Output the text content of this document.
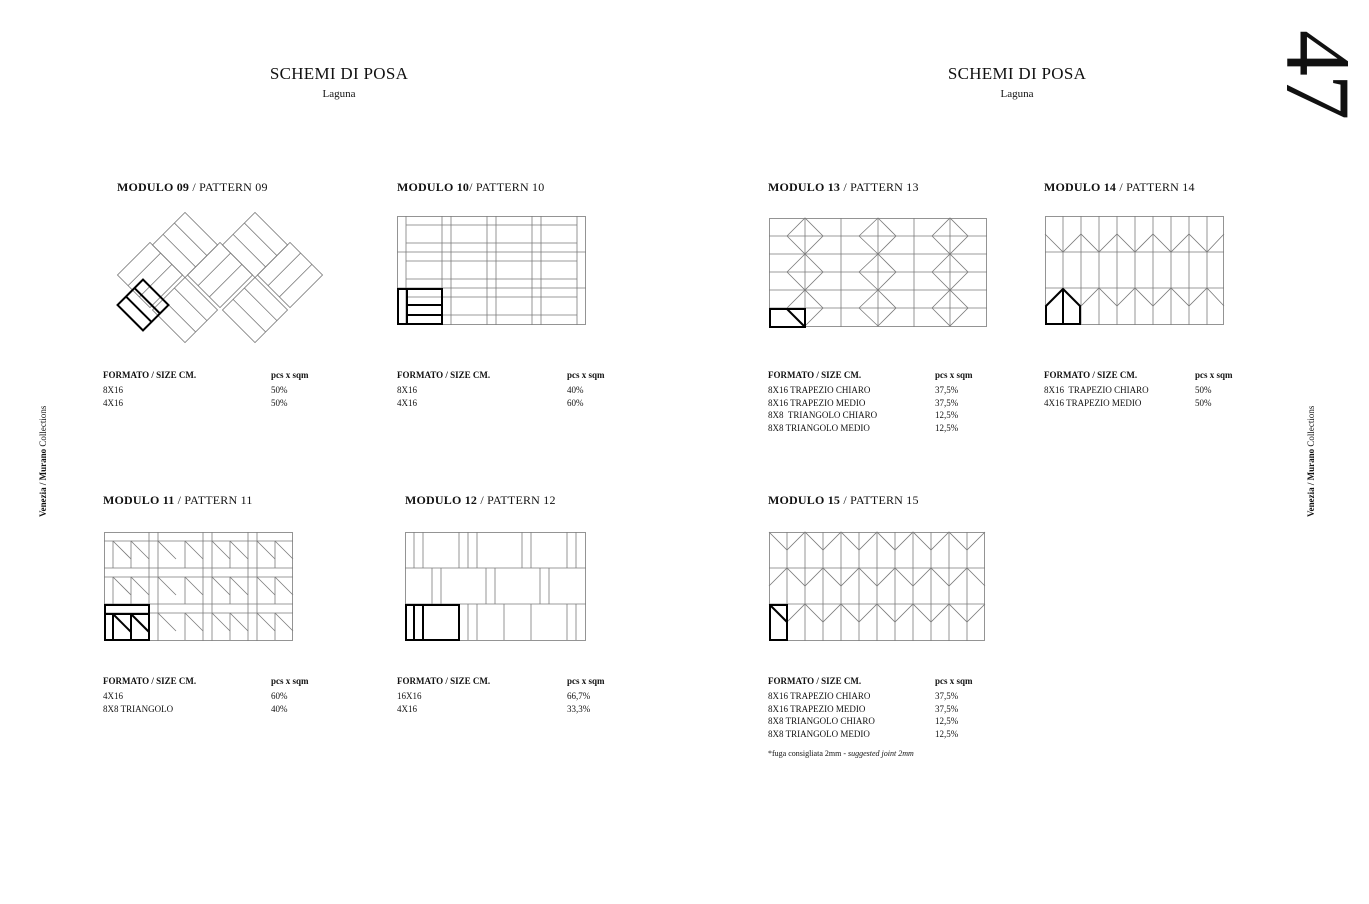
SCHEMI DI POSA
Laguna
SCHEMI DI POSA
Laguna	47
Venezia / Murano Collections
Venezia / Murano Collections
MODULO 09 / PATTERN 09
FORMATO / SIZE CM.	pcs x sqm
8X16	50%
4X16	50%
MODULO 10/ PATTERN 10
FORMATO / SIZE CM.	pcs x sqm
8X16	40%
4X16	60%
MODULO 11 / PATTERN 11
FORMATO / SIZE CM.	pcs x sqm
4X16	60%
8X8 TRIANGOLO	40%
MODULO 12 / PATTERN 12
FORMATO / SIZE CM.	pcs x sqm
16X16	66,7%
4X16	33,3%
MODULO 13 / PATTERN 13
FORMATO / SIZE CM.	pcs x sqm
8X16 TRAPEZIO CHIARO	37,5%
8X16 TRAPEZIO MEDIO	37,5%
8X8  TRIANGOLO CHIARO	12,5%
8X8 TRIANGOLO MEDIO	12,5%
MODULO 14 / PATTERN 14
FORMATO / SIZE CM.	pcs x sqm
8X16  TRAPEZIO CHIARO	50%
4X16 TRAPEZIO MEDIO	50%
MODULO 15 / PATTERN 15
FORMATO / SIZE CM.	pcs x sqm
8X16 TRAPEZIO CHIARO	37,5%
8X16 TRAPEZIO MEDIO	37,5%
8X8 TRIANGOLO CHIARO	12,5%
8X8 TRIANGOLO MEDIO	12,5%
*fuga consigliata 2mm - suggested joint 2mm
